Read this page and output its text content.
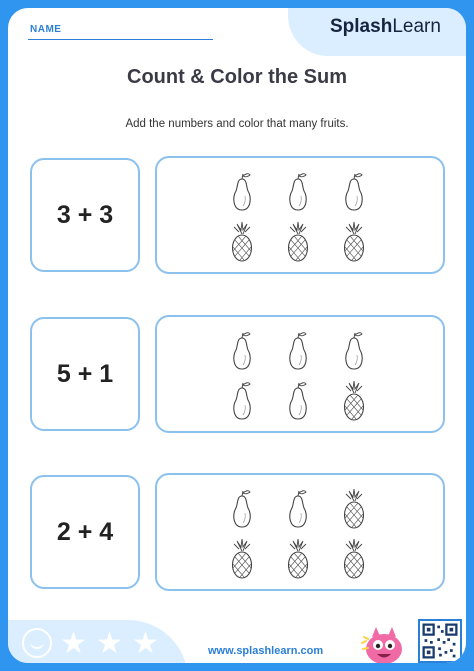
SplashLearn
NAME
Count & Color the Sum
Add the numbers and color that many fruits.
3 + 3
5 + 1
2 + 4
★ ★ ★	www.splashlearn.com
